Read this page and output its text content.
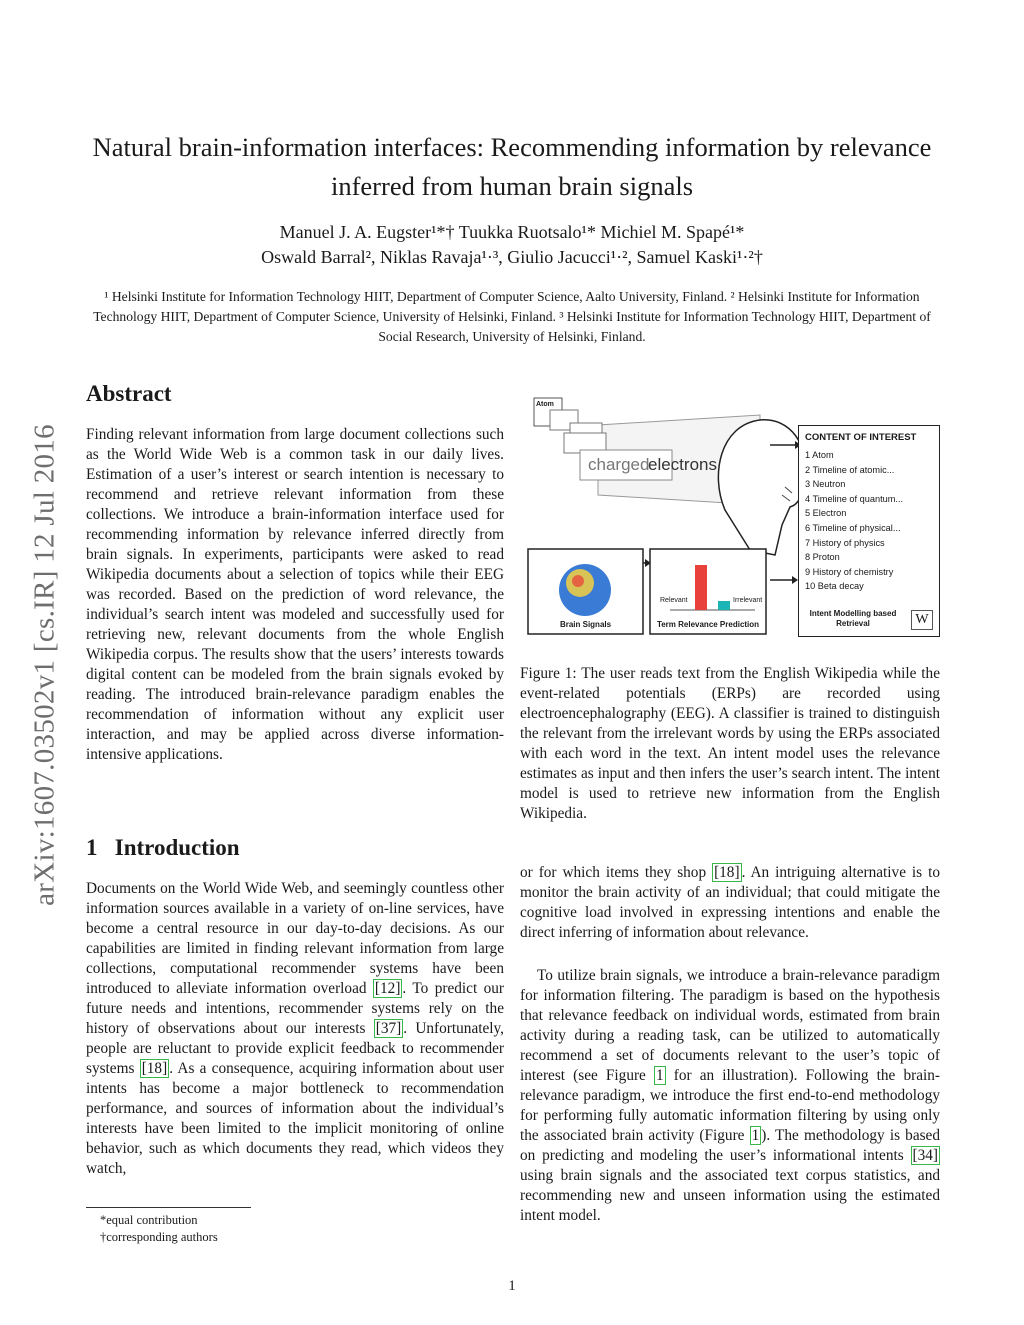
Natural brain-information interfaces: Recommending information by relevance inferred from human brain signals
Manuel J. A. Eugster¹*† Tuukka Ruotsalo¹* Michiel M. Spapé¹*
Oswald Barral², Niklas Ravaja¹·³, Giulio Jacucci¹·², Samuel Kaski¹·²†
¹ Helsinki Institute for Information Technology HIIT, Department of Computer Science, Aalto University, Finland. ² Helsinki Institute for Information Technology HIIT, Department of Computer Science, University of Helsinki, Finland. ³ Helsinki Institute for Information Technology HIIT, Department of Social Research, University of Helsinki, Finland.
arXiv:1607.03502v1 [cs.IR] 12 Jul 2016
Abstract

Finding relevant information from large document collections such as the World Wide Web is a common task in our daily lives. Estimation of a user’s interest or search intention is necessary to recommend and retrieve relevant information from these collections. We introduce a brain-information interface used for recommending information by relevance inferred directly from brain signals. In experiments, participants were asked to read Wikipedia documents about a selection of topics while their EEG was recorded. Based on the prediction of word relevance, the individual’s search intent was modeled and successfully used for retrieving new, relevant documents from the whole English Wikipedia corpus. The results show that the users’ interests towards digital content can be modeled from the brain signals evoked by reading. The introduced brain-relevance paradigm enables the recommendation of information without any explicit user interaction, and may be applied across diverse information-intensive applications.

1 Introduction

Documents on the World Wide Web, and seemingly countless other information sources available in a variety of on-line services, have become a central resource in our day-to-day decisions. As our capabilities are limited in finding relevant information from large collections, computational recommender systems have been introduced to alleviate information overload [12] . To predict our future needs and intentions, recommender systems rely on the history of observations about our interests [37] . Unfortunately, people are reluctant to provide explicit feedback to recommender systems [18] . As a consequence, acquiring information about user intents has become a major bottleneck to recommendation performance, and sources of information about the individual’s interests have been limited to the implicit monitoring of online behavior, such as which documents they read, which videos they watch,

*equal contribution
†corresponding authors
Atom
charged
electrons
Brain Signals	Term Relevance Prediction
Relevant	Irrelevant
CONTENT OF INTEREST
1 Atom
2 Timeline of atomic...
3 Neutron
4 Timeline of quantum...
5 Electron
6 Timeline of physical...
7 History of physics
8 Proton
9 History of chemistry
10 Beta decay
Intent Modelling based Retrieval	W

Figure 1: The user reads text from the English Wikipedia while the event-related potentials (ERPs) are recorded using electroencephalography (EEG). A classifier is trained to distinguish the relevant from the irrelevant words by using the ERPs associated with each word in the text. An intent model uses the relevance estimates as input and then infers the user’s search intent. The intent model is used to retrieve new information from the English Wikipedia.

or for which items they shop [18] . An intriguing alternative is to monitor the brain activity of an individual; that could mitigate the cognitive load involved in expressing intentions and enable the direct inferring of information about relevance.

To utilize brain signals, we introduce a brain-relevance paradigm for information filtering. The paradigm is based on the hypothesis that relevance feedback on individual words, estimated from brain activity during a reading task, can be utilized to automatically recommend a set of documents relevant to the user’s topic of interest (see Figure 1 for an illustration). Following the brain-relevance paradigm, we introduce the first end-to-end methodology for performing fully automatic information filtering by using only the associated brain activity (Figure 1 ). The methodology is based on predicting and modeling the user’s informational intents [34] using brain signals and the associated text corpus statistics, and recommending new and unseen information using the estimated intent model.

1
